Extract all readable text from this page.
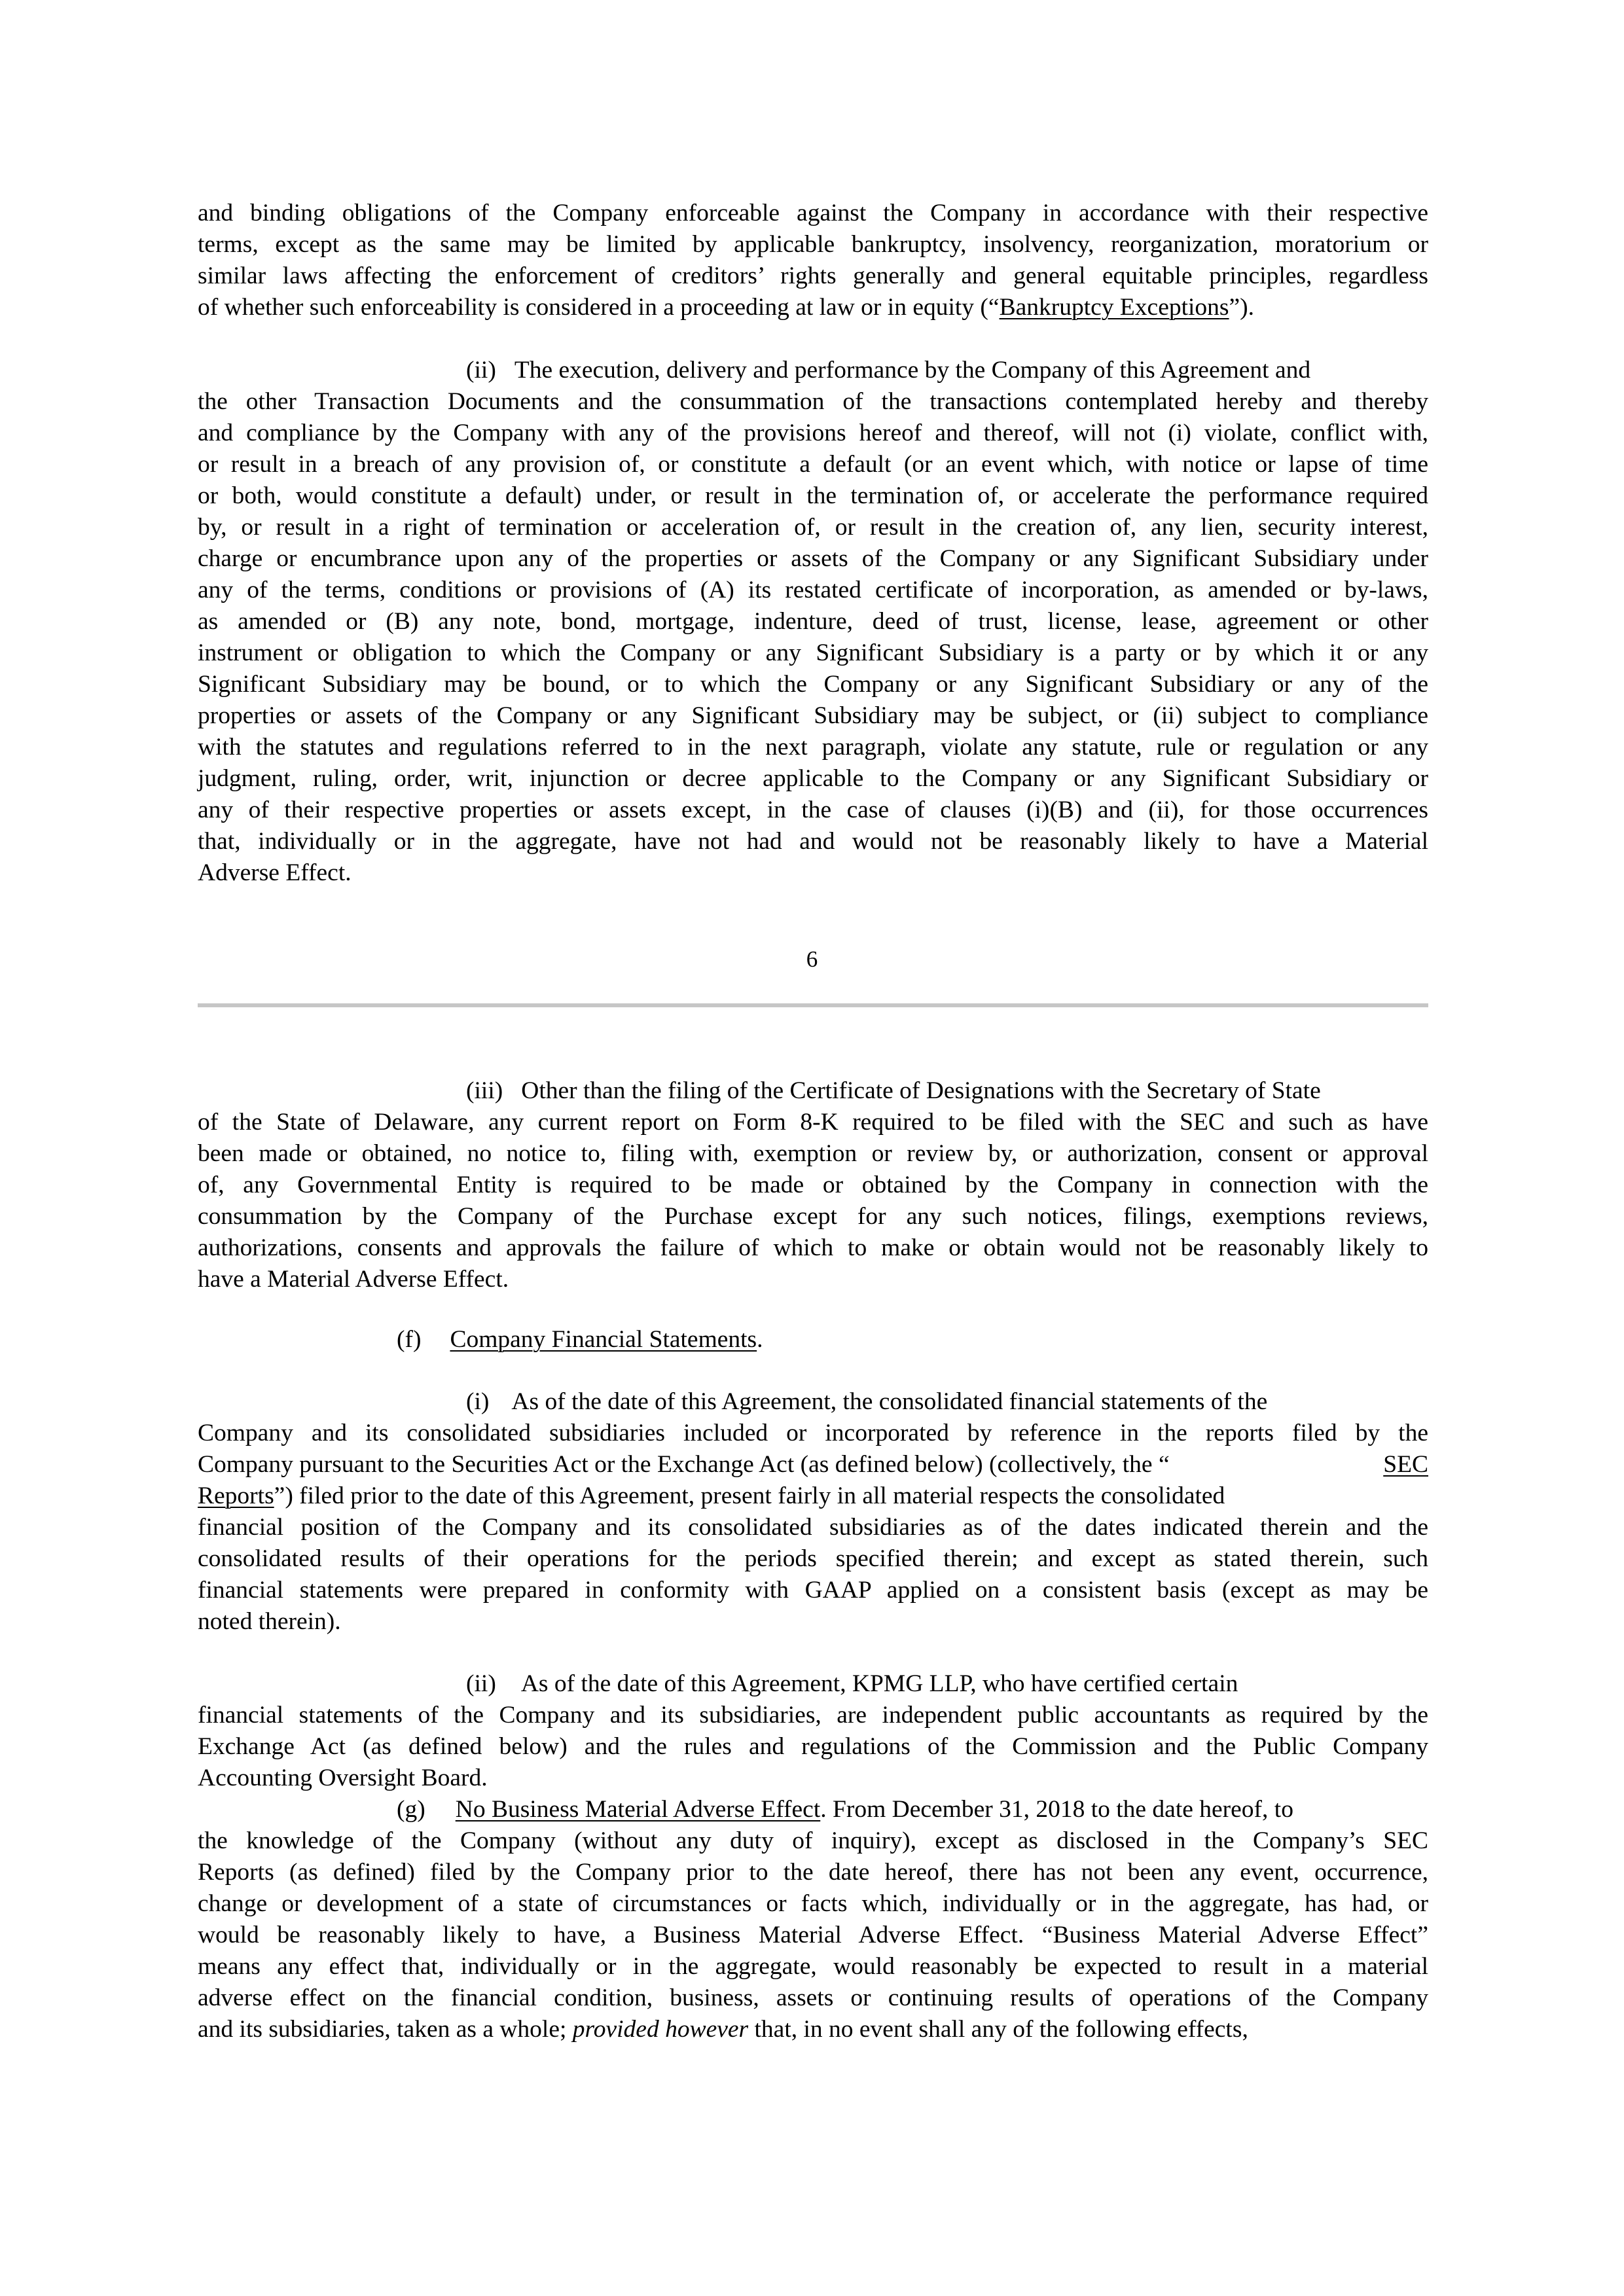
and binding obligations of the Company enforceable against the Company in accordance with their respective
terms, except as the same may be limited by applicable bankruptcy, insolvency, reorganization, moratorium or
similar laws affecting the enforcement of creditors’ rights generally and general equitable principles, regardless
of whether such enforceability is considered in a proceeding at law or in equity (“Bankruptcy Exceptions”).
(ii) The execution, delivery and performance by the Company of this Agreement and
the other Transaction Documents and the consummation of the transactions contemplated hereby and thereby
and compliance by the Company with any of the provisions hereof and thereof, will not (i) violate, conflict with,
or result in a breach of any provision of, or constitute a default (or an event which, with notice or lapse of time
or both, would constitute a default) under, or result in the termination of, or accelerate the performance required
by, or result in a right of termination or acceleration of, or result in the creation of, any lien, security interest,
charge or encumbrance upon any of the properties or assets of the Company or any Significant Subsidiary under
any of the terms, conditions or provisions of (A) its restated certificate of incorporation, as amended or by-laws,
as amended or (B) any note, bond, mortgage, indenture, deed of trust, license, lease, agreement or other
instrument or obligation to which the Company or any Significant Subsidiary is a party or by which it or any
Significant Subsidiary may be bound, or to which the Company or any Significant Subsidiary or any of the
properties or assets of the Company or any Significant Subsidiary may be subject, or (ii) subject to compliance
with the statutes and regulations referred to in the next paragraph, violate any statute, rule or regulation or any
judgment, ruling, order, writ, injunction or decree applicable to the Company or any Significant Subsidiary or
any of their respective properties or assets except, in the case of clauses (i)(B) and (ii), for those occurrences
that, individually or in the aggregate, have not had and would not be reasonably likely to have a Material
Adverse Effect.
6
(iii) Other than the filing of the Certificate of Designations with the Secretary of State
of the State of Delaware, any current report on Form 8-K required to be filed with the SEC and such as have
been made or obtained, no notice to, filing with, exemption or review by, or authorization, consent or approval
of, any Governmental Entity is required to be made or obtained by the Company in connection with the
consummation by the Company of the Purchase except for any such notices, filings, exemptions reviews,
authorizations, consents and approvals the failure of which to make or obtain would not be reasonably likely to
have a Material Adverse Effect.
(f) Company Financial Statements.
(i) As of the date of this Agreement, the consolidated financial statements of the
Company and its consolidated subsidiaries included or incorporated by reference in the reports filed by the
Company pursuant to the Securities Act or the Exchange Act (as defined below) (collectively, the “	SEC
Reports”) filed prior to the date of this Agreement, present fairly in all material respects the consolidated
financial position of the Company and its consolidated subsidiaries as of the dates indicated therein and the
consolidated results of their operations for the periods specified therein; and except as stated therein, such
financial statements were prepared in conformity with GAAP applied on a consistent basis (except as may be
noted therein).
(ii) As of the date of this Agreement, KPMG LLP, who have certified certain
financial statements of the Company and its subsidiaries, are independent public accountants as required by the
Exchange Act (as defined below) and the rules and regulations of the Commission and the Public Company
Accounting Oversight Board.
(g) No Business Material Adverse Effect. From December 31, 2018 to the date hereof, to
the knowledge of the Company (without any duty of inquiry), except as disclosed in the Company’s SEC
Reports (as defined) filed by the Company prior to the date hereof, there has not been any event, occurrence,
change or development of a state of circumstances or facts which, individually or in the aggregate, has had, or
would be reasonably likely to have, a Business Material Adverse Effect. “Business Material Adverse Effect”
means any effect that, individually or in the aggregate, would reasonably be expected to result in a material
adverse effect on the financial condition, business, assets or continuing results of operations of the Company
and its subsidiaries, taken as a whole; provided however that, in no event shall any of the following effects,
